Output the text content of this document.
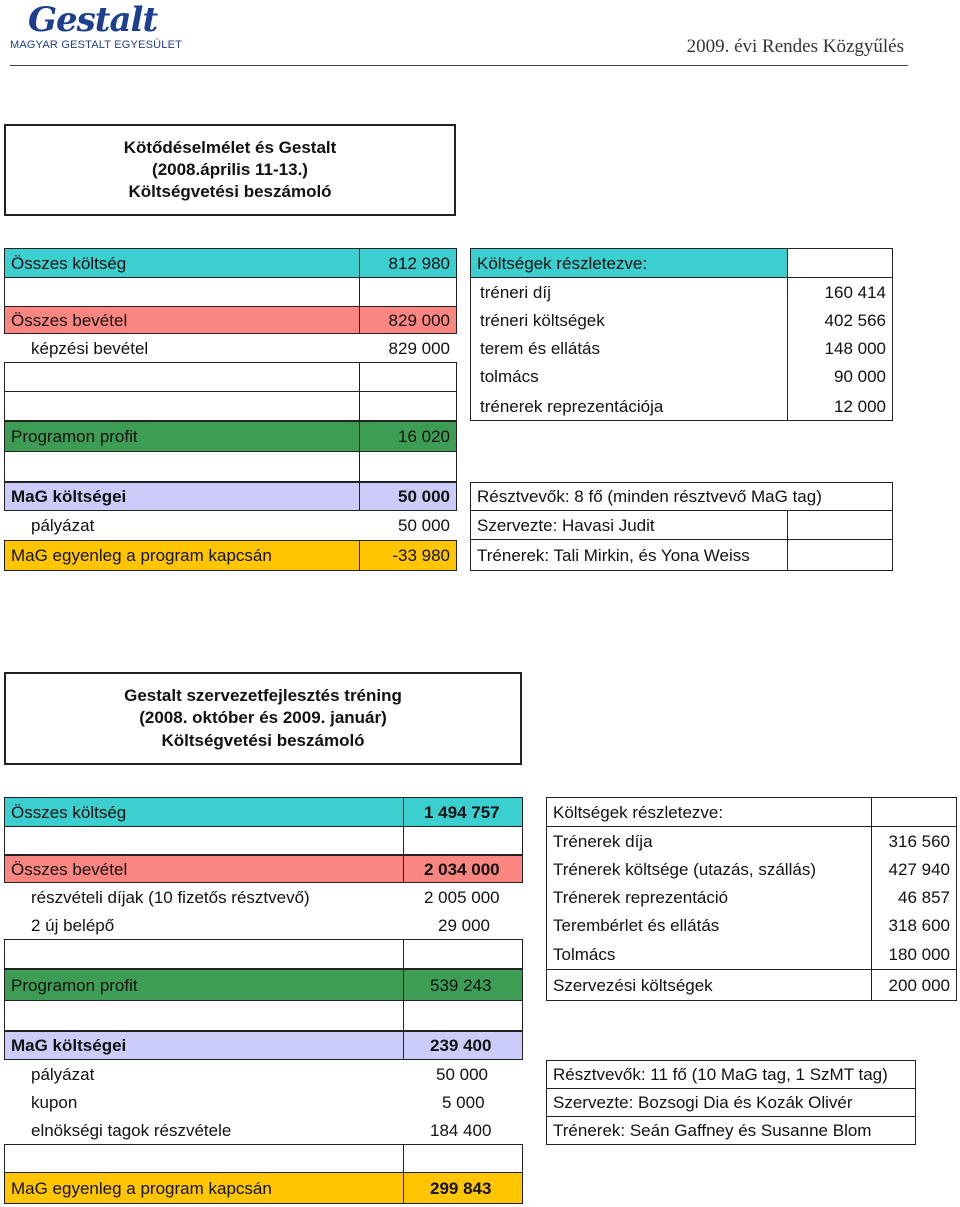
Gestalt
MAGYAR GESTALT EGYESÜLET	2009. évi Rendes Közgyűlés
Kötődéselmélet és Gestalt
(2008.április 11-13.)
Költségvetési beszámoló
Összes költség	812 980
Összes bevétel	829 000
képzési bevétel	829 000
Programon profit	16 020
MaG költségei	50 000
pályázat	50 000
MaG egyenleg a program kapcsán	-33 980
Költségek részletezve:
tréneri díj	160 414
tréneri költségek	402 566
terem és ellátás	148 000
tolmács	90 000
trénerek reprezentációja	12 000
Résztvevők: 8 fő (minden résztvevő MaG tag)
Szervezte: Havasi Judit
Trénerek: Tali Mirkin, és Yona Weiss
Gestalt szervezetfejlesztés tréning
(2008. október és 2009. január)
Költségvetési beszámoló
Összes költség	1 494 757
Összes bevétel	2 034 000
részvételi díjak (10 fizetős résztvevő)	2 005 000
2 új belépő	29 000
Programon profit	539 243
MaG költségei	239 400
pályázat	50 000
kupon	5 000
elnökségi tagok részvétele	184 400
MaG egyenleg a program kapcsán	299 843
Költségek részletezve:
Trénerek díja	316 560
Trénerek költsége (utazás, szállás)	427 940
Trénerek reprezentáció	46 857
Terembérlet és ellátás	318 600
Tolmács	180 000
Szervezési költségek	200 000
Résztvevők: 11 fő (10 MaG tag, 1 SzMT tag)
Szervezte: Bozsogi Dia és Kozák Olivér
Trénerek: Seán Gaffney és Susanne Blom
